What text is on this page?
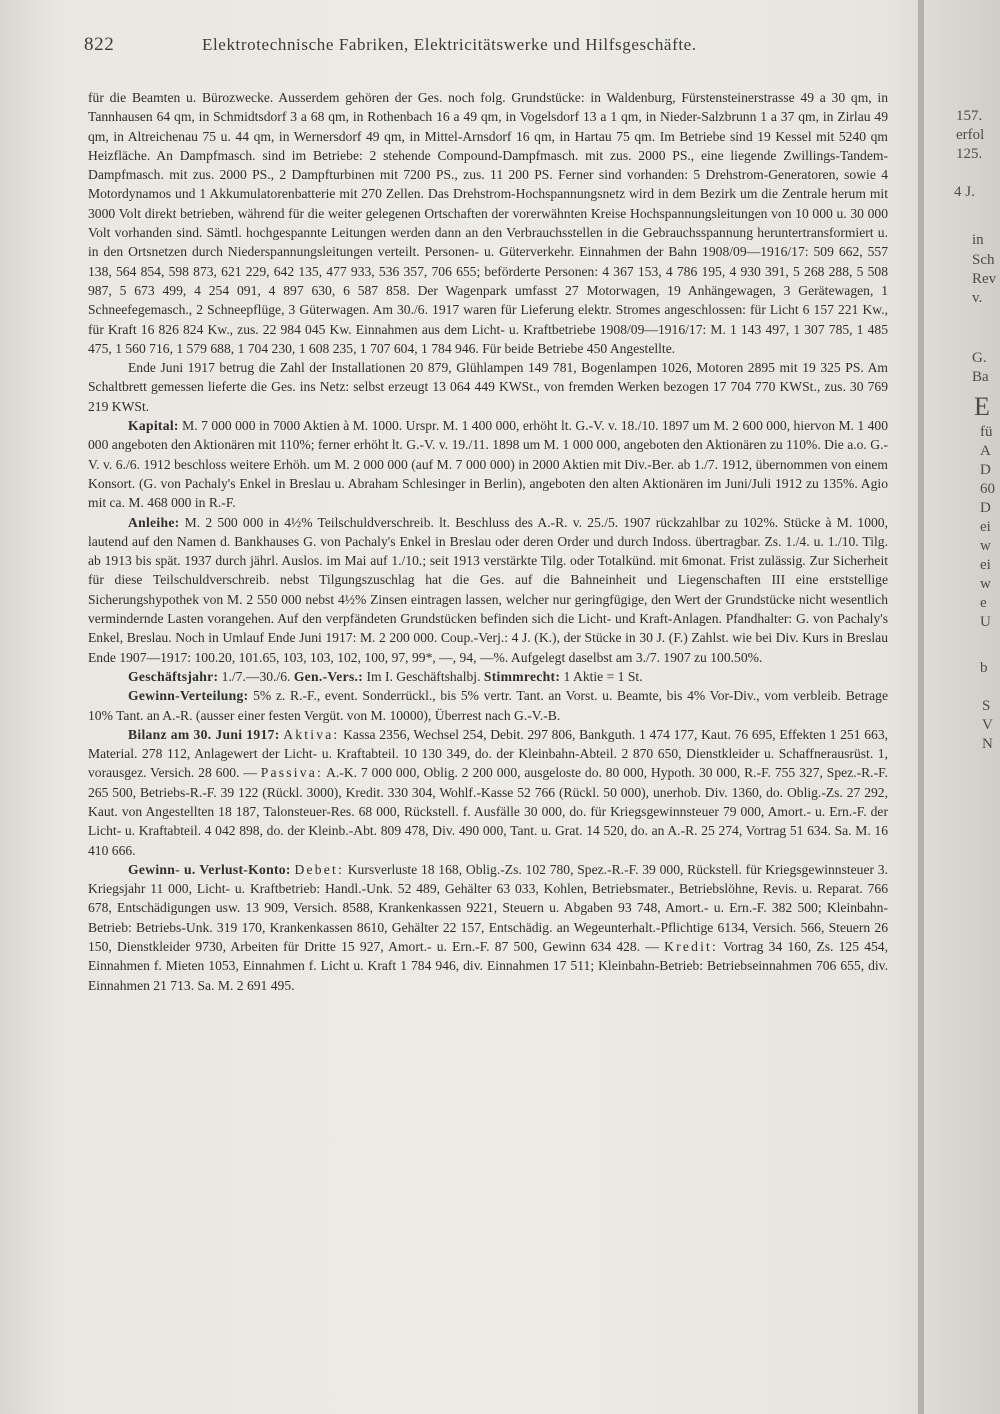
822	Elektrotechnische Fabriken, Elektricitätswerke und Hilfsgeschäfte.

für die Beamten u. Bürozwecke. Ausserdem gehören der Ges. noch folg. Grundstücke: in Waldenburg, Fürstensteinerstrasse 49 a 30 qm, in Tannhausen 64 qm, in Schmidtsdorf 3 a 68 qm, in Rothenbach 16 a 49 qm, in Vogelsdorf 13 a 1 qm, in Nieder-Salzbrunn 1 a 37 qm, in Zirlau 49 qm, in Altreichenau 75 u. 44 qm, in Wernersdorf 49 qm, in Mittel-Arnsdorf 16 qm, in Hartau 75 qm. Im Betriebe sind 19 Kessel mit 5240 qm Heizfläche. An Dampfmasch. sind im Betriebe: 2 stehende Compound-Dampfmasch. mit zus. 2000 PS., eine liegende Zwillings-Tandem-Dampfmasch. mit zus. 2000 PS., 2 Dampfturbinen mit 7200 PS., zus. 11 200 PS. Ferner sind vorhanden: 5 Drehstrom-Generatoren, sowie 4 Motordynamos und 1 Akkumulatorenbatterie mit 270 Zellen. Das Drehstrom-Hochspannungsnetz wird in dem Bezirk um die Zentrale herum mit 3000 Volt direkt betrieben, während für die weiter gelegenen Ortschaften der vorerwähnten Kreise Hochspannungsleitungen von 10 000 u. 30 000 Volt vorhanden sind. Sämtl. hochgespannte Leitungen werden dann an den Verbrauchsstellen in die Gebrauchsspannung heruntertransformiert u. in den Ortsnetzen durch Niederspannungsleitungen verteilt. Personen- u. Güterverkehr. Einnahmen der Bahn 1908/09—1916/17: 509 662, 557 138, 564 854, 598 873, 621 229, 642 135, 477 933, 536 357, 706 655; beförderte Personen: 4 367 153, 4 786 195, 4 930 391, 5 268 288, 5 508 987, 5 673 499, 4 254 091, 4 897 630, 6 587 858. Der Wagenpark umfasst 27 Motorwagen, 19 Anhängewagen, 3 Gerätewagen, 1 Schneefegemasch., 2 Schneepflüge, 3 Güterwagen. Am 30./6. 1917 waren für Lieferung elektr. Stromes angeschlossen: für Licht 6 157 221 Kw., für Kraft 16 826 824 Kw., zus. 22 984 045 Kw. Einnahmen aus dem Licht- u. Kraftbetriebe 1908/09—1916/17: M. 1 143 497, 1 307 785, 1 485 475, 1 560 716, 1 579 688, 1 704 230, 1 608 235, 1 707 604, 1 784 946. Für beide Betriebe 450 Angestellte.

Ende Juni 1917 betrug die Zahl der Installationen 20 879, Glühlampen 149 781, Bogenlampen 1026, Motoren 2895 mit 19 325 PS. Am Schaltbrett gemessen lieferte die Ges. ins Netz: selbst erzeugt 13 064 449 KWSt., von fremden Werken bezogen 17 704 770 KWSt., zus. 30 769 219 KWSt.

Kapital: M. 7 000 000 in 7000 Aktien à M. 1000. Urspr. M. 1 400 000, erhöht lt. G.-V. v. 18./10. 1897 um M. 2 600 000, hiervon M. 1 400 000 angeboten den Aktionären mit 110%; ferner erhöht lt. G.-V. v. 19./11. 1898 um M. 1 000 000, angeboten den Aktionären zu 110%. Die a.o. G.-V. v. 6./6. 1912 beschloss weitere Erhöh. um M. 2 000 000 (auf M. 7 000 000) in 2000 Aktien mit Div.-Ber. ab 1./7. 1912, übernommen von einem Konsort. (G. von Pachaly's Enkel in Breslau u. Abraham Schlesinger in Berlin), angeboten den alten Aktionären im Juni/Juli 1912 zu 135%. Agio mit ca. M. 468 000 in R.-F.

Anleihe: M. 2 500 000 in 4½% Teilschuldverschreib. lt. Beschluss des A.-R. v. 25./5. 1907 rückzahlbar zu 102%. Stücke à M. 1000, lautend auf den Namen d. Bankhauses G. von Pachaly's Enkel in Breslau oder deren Order und durch Indoss. übertragbar. Zs. 1./4. u. 1./10. Tilg. ab 1913 bis spät. 1937 durch jährl. Auslos. im Mai auf 1./10.; seit 1913 verstärkte Tilg. oder Totalkünd. mit 6monat. Frist zulässig. Zur Sicherheit für diese Teilschuldverschreib. nebst Tilgungszuschlag hat die Ges. auf die Bahneinheit und Liegenschaften III eine erststellige Sicherungshypothek von M. 2 550 000 nebst 4½% Zinsen eintragen lassen, welcher nur geringfügige, den Wert der Grundstücke nicht wesentlich vermindernde Lasten vorangehen. Auf den verpfändeten Grundstücken befinden sich die Licht- und Kraft-Anlagen. Pfandhalter: G. von Pachaly's Enkel, Breslau. Noch in Umlauf Ende Juni 1917: M. 2 200 000. Coup.-Verj.: 4 J. (K.), der Stücke in 30 J. (F.) Zahlst. wie bei Div. Kurs in Breslau Ende 1907—1917: 100.20, 101.65, 103, 103, 102, 100, 97, 99*, —, 94, —%. Aufgelegt daselbst am 3./7. 1907 zu 100.50%.

Geschäftsjahr: 1./7.—30./6. Gen.-Vers.: Im I. Geschäftshalbj. Stimmrecht: 1 Aktie = 1 St.

Gewinn-Verteilung: 5% z. R.-F., event. Sonderrückl., bis 5% vertr. Tant. an Vorst. u. Beamte, bis 4% Vor-Div., vom verbleib. Betrage 10% Tant. an A.-R. (ausser einer festen Vergüt. von M. 10000), Überrest nach G.-V.-B.

Bilanz am 30. Juni 1917: Aktiva: Kassa 2356, Wechsel 254, Debit. 297 806, Bankguth. 1 474 177, Kaut. 76 695, Effekten 1 251 663, Material. 278 112, Anlagewert der Licht- u. Kraftabteil. 10 130 349, do. der Kleinbahn-Abteil. 2 870 650, Dienstkleider u. Schaffnerausrüst. 1, vorausgez. Versich. 28 600. — Passiva: A.-K. 7 000 000, Oblig. 2 200 000, ausgeloste do. 80 000, Hypoth. 30 000, R.-F. 755 327, Spez.-R.-F. 265 500, Betriebs-R.-F. 39 122 (Rückl. 3000), Kredit. 330 304, Wohlf.-Kasse 52 766 (Rückl. 50 000), unerhob. Div. 1360, do. Oblig.-Zs. 27 292, Kaut. von Angestellten 18 187, Talonsteuer-Res. 68 000, Rückstell. f. Ausfälle 30 000, do. für Kriegsgewinnsteuer 79 000, Amort.- u. Ern.-F. der Licht- u. Kraftabteil. 4 042 898, do. der Kleinb.-Abt. 809 478, Div. 490 000, Tant. u. Grat. 14 520, do. an A.-R. 25 274, Vortrag 51 634. Sa. M. 16 410 666.

Gewinn- u. Verlust-Konto: Debet: Kursverluste 18 168, Oblig.-Zs. 102 780, Spez.-R.-F. 39 000, Rückstell. für Kriegsgewinnsteuer 3. Kriegsjahr 11 000, Licht- u. Kraftbetrieb: Handl.-Unk. 52 489, Gehälter 63 033, Kohlen, Betriebsmater., Betriebslöhne, Revis. u. Reparat. 766 678, Entschädigungen usw. 13 909, Versich. 8588, Krankenkassen 9221, Steuern u. Abgaben 93 748, Amort.- u. Ern.-F. 382 500; Kleinbahn-Betrieb: Betriebs-Unk. 319 170, Krankenkassen 8610, Gehälter 22 157, Entschädig. an Wegeunterhalt.-Pflichtige 6134, Versich. 566, Steuern 26 150, Dienstkleider 9730, Arbeiten für Dritte 15 927, Amort.- u. Ern.-F. 87 500, Gewinn 634 428. — Kredit: Vortrag 34 160, Zs. 125 454, Einnahmen f. Mieten 1053, Einnahmen f. Licht u. Kraft 1 784 946, div. Einnahmen 17 511; Kleinbahn-Betrieb: Betriebseinnahmen 706 655, div. Einnahmen 21 713. Sa. M. 2 691 495.

157.
erfol
125.
4 J.
in
Sch
Rev
v.
G.
Ba
E
fü
A
D
60
D
ei
w
ei
w
e
U
b
S
V
N
